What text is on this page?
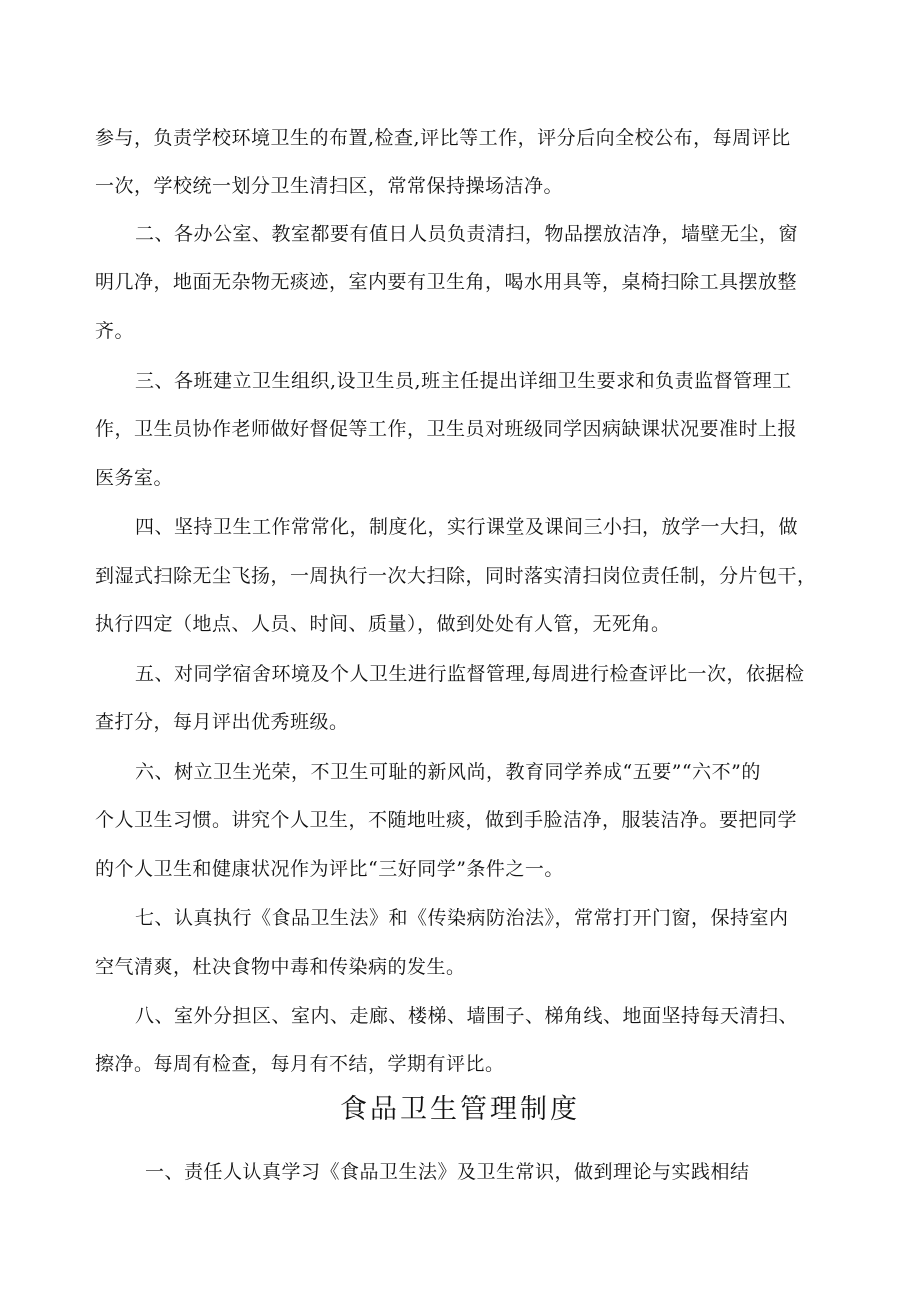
参与，负责学校环境卫生的布置,检查,评比等工作，评分后向全校公布，每周评比
一次，学校统一划分卫生清扫区，常常保持操场洁净。
二、各办公室、教室都要有值日人员负责清扫，物品摆放洁净，墙壁无尘，窗
明几净，地面无杂物无痰迹，室内要有卫生角，喝水用具等，桌椅扫除工具摆放整
齐。
三、各班建立卫生组织,设卫生员,班主任提出详细卫生要求和负责监督管理工
作，卫生员协作老师做好督促等工作，卫生员对班级同学因病缺课状况要准时上报
医务室。
四、坚持卫生工作常常化，制度化，实行课堂及课间三小扫，放学一大扫，做
到湿式扫除无尘飞扬，一周执行一次大扫除，同时落实清扫岗位责任制，分片包干，
执行四定（地点、人员、时间、质量），做到处处有人管，无死角。
五、对同学宿舍环境及个人卫生进行监督管理,每周进行检查评比一次，依据检
查打分，每月评出优秀班级。
六、树立卫生光荣，不卫生可耻的新风尚，教育同学养成“五要”“六不”的
个人卫生习惯。讲究个人卫生，不随地吐痰，做到手脸洁净，服装洁净。要把同学
的个人卫生和健康状况作为评比“三好同学”条件之一。
七、认真执行《食品卫生法》和《传染病防治法》，常常打开门窗，保持室内
空气清爽，杜决食物中毒和传染病的发生。
八、室外分担区、室内、走廊、楼梯、墙围子、梯角线、地面坚持每天清扫、
擦净。每周有检查，每月有不结，学期有评比。
食品卫生管理制度
一、责任人认真学习《食品卫生法》及卫生常识，做到理论与实践相结
